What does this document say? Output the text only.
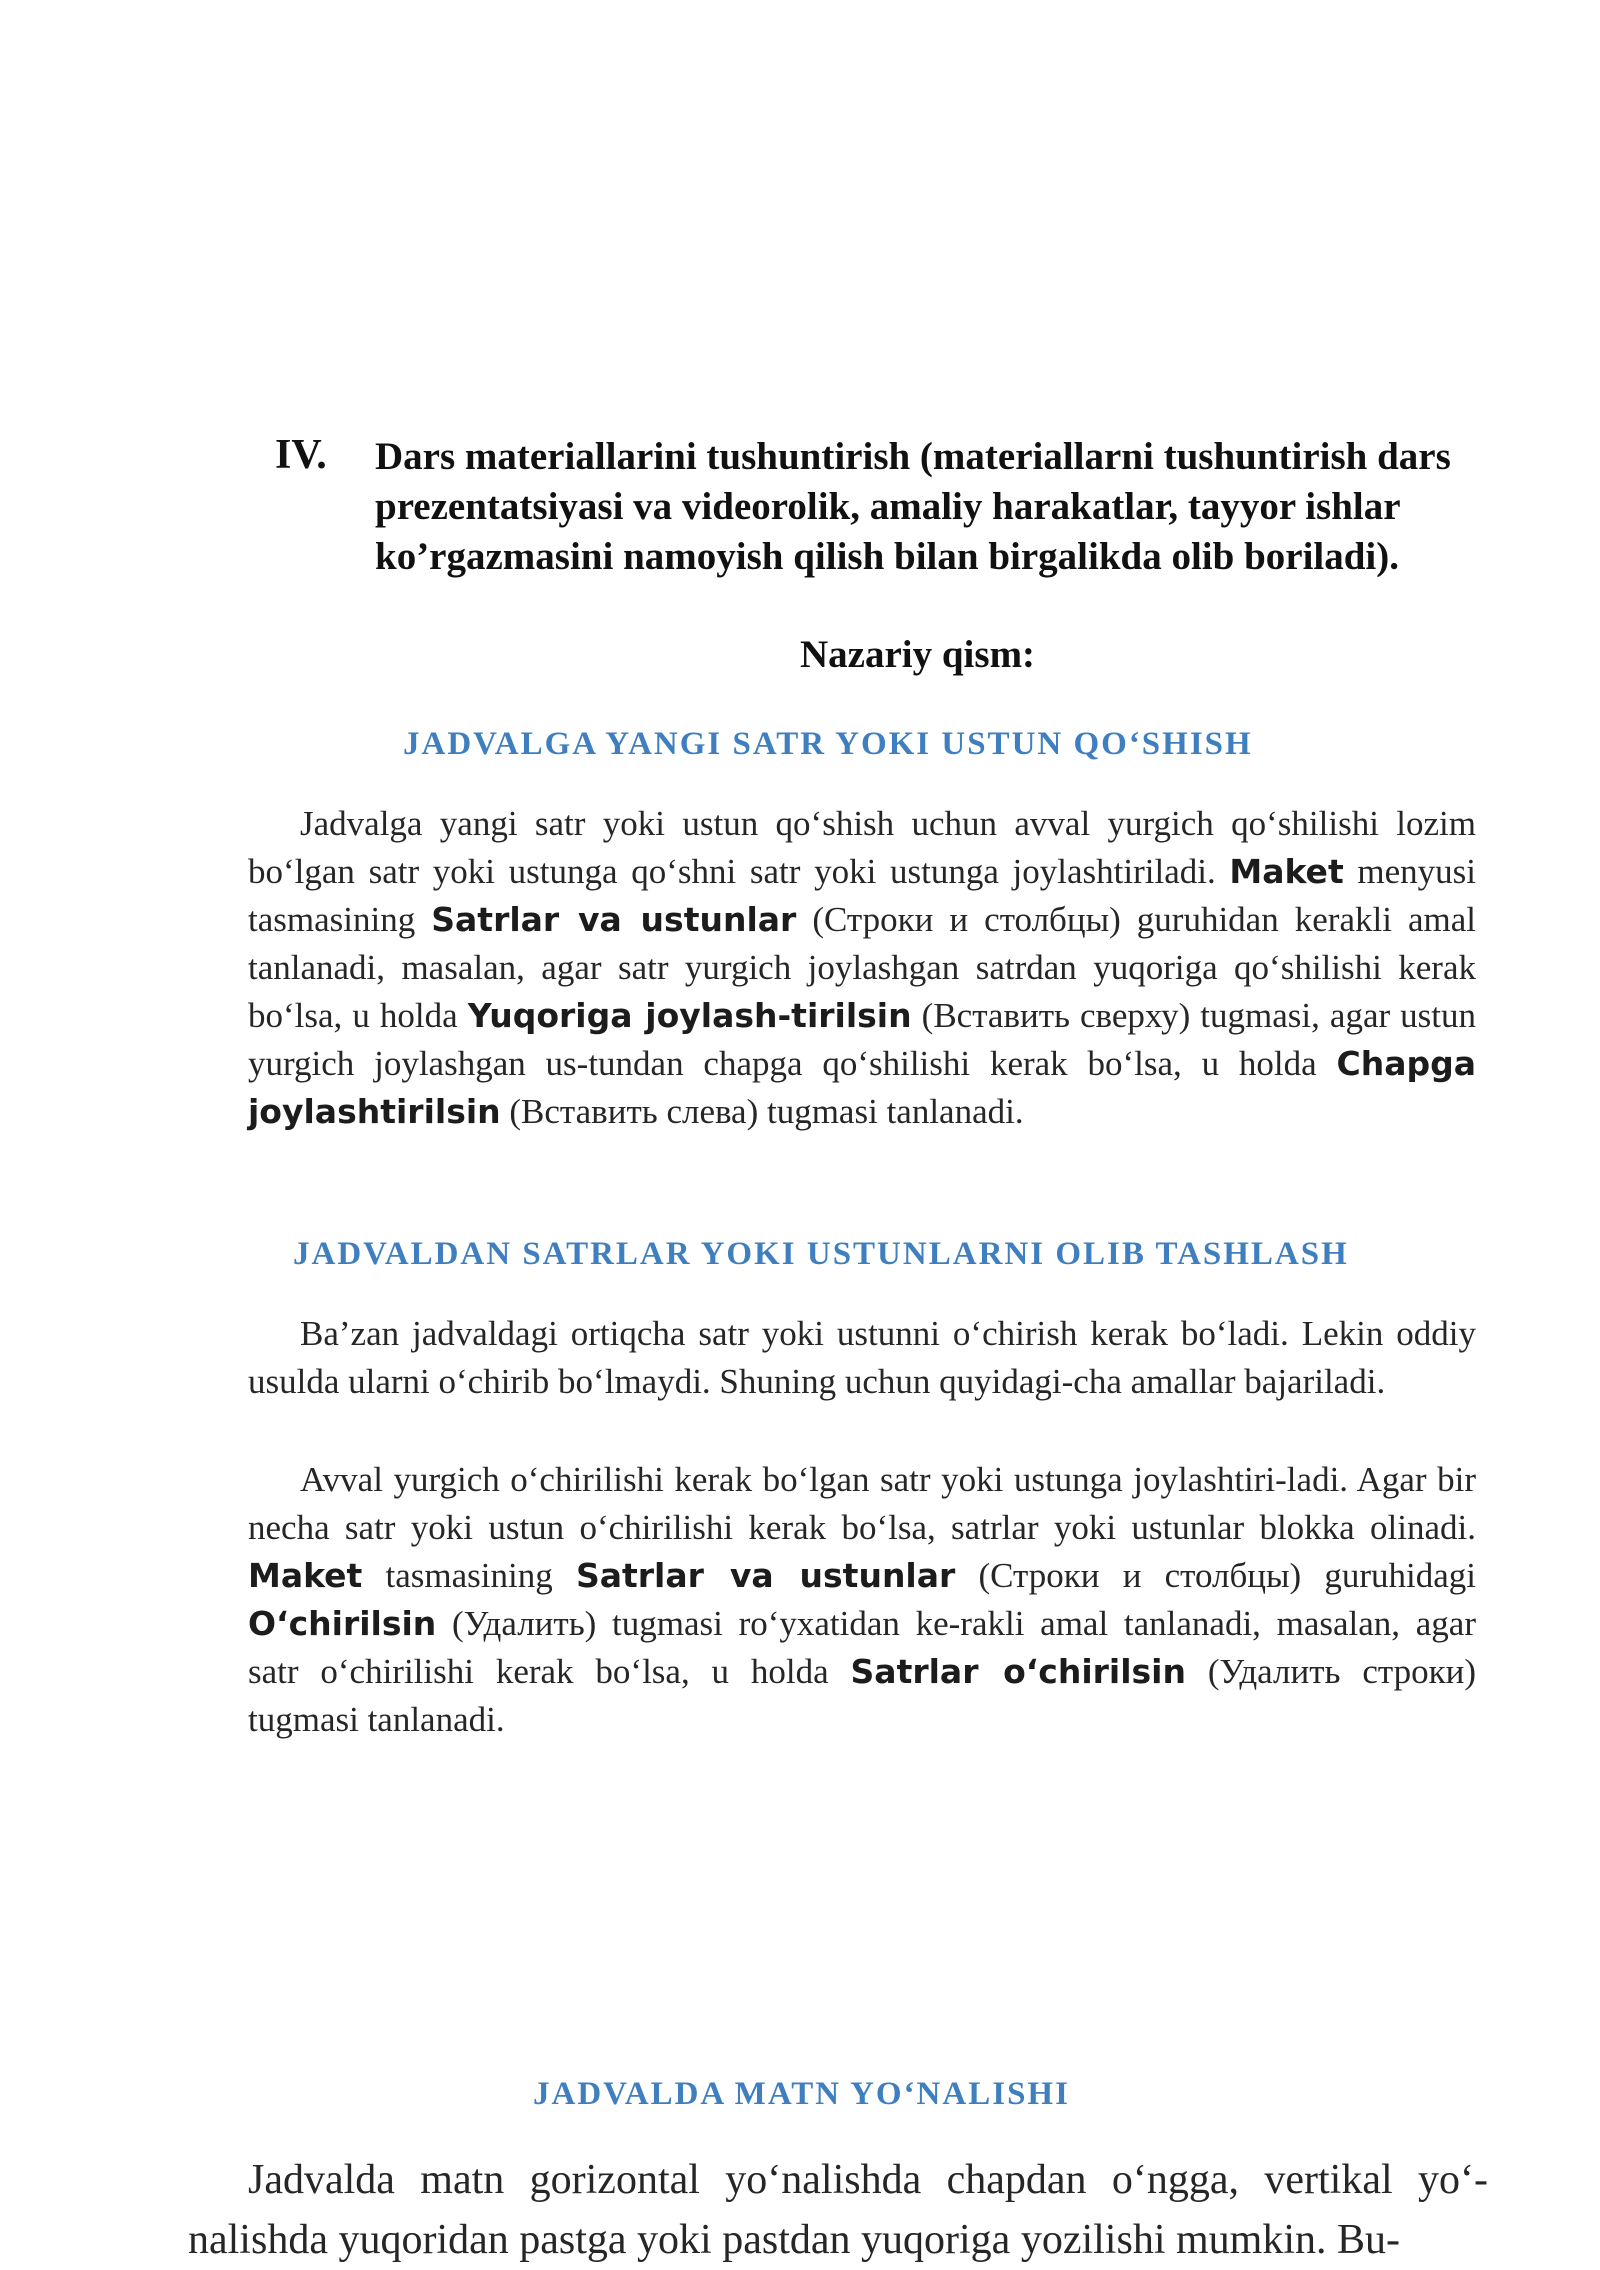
IV. Dars materiallarini tushuntirish (materiallarni tushuntirish dars prezentatsiyasi va videorolik, amaliy harakatlar, tayyor ishlar ko’rgazmasini namoyish qilish bilan birgalikda olib boriladi).
Nazariy qism:
JADVALGA YANGI SATR YOKI USTUN QO‘SHISH
Jadvalga yangi satr yoki ustun qo‘shish uchun avval yurgich qo‘shilishi lozim bo‘lgan satr yoki ustunga qo‘shni satr yoki ustunga joylashtiriladi. Maket menyusi tasmasining Satrlar va ustunlar (Строки и столбцы) guruhidan kerakli amal tanlanadi, masalan, agar satr yurgich joylashgan satrdan yuqoriga qo‘shilishi kerak bo‘lsa, u holda Yuqoriga joylash-tirilsin (Вставить сверху) tugmasi, agar ustun yurgich joylashgan us-tundan chapga qo‘shilishi kerak bo‘lsa, u holda Chapga joylashtirilsin (Вставить слева) tugmasi tanlanadi.
JADVALDAN SATRLAR YOKI USTUNLARNI OLIB TASHLASH
Ba’zan jadvaldagi ortiqcha satr yoki ustunni o‘chirish kerak bo‘ladi. Lekin oddiy usulda ularni o‘chirib bo‘lmaydi. Shuning uchun quyidagi-cha amallar bajariladi.
Avval yurgich o‘chirilishi kerak bo‘lgan satr yoki ustunga joylashtiri-ladi. Agar bir necha satr yoki ustun o‘chirilishi kerak bo‘lsa, satrlar yoki ustunlar blokka olinadi. Maket tasmasining Satrlar va ustunlar (Строки и столбцы) guruhidagi O‘chirilsin (Удалить) tugmasi ro‘yxatidan ke-rakli amal tanlanadi, masalan, agar satr o‘chirilishi kerak bo‘lsa, u holda Satrlar o‘chirilsin (Удалить строки) tugmasi tanlanadi.
JADVALDA MATN YO‘NALISHI
Jadvalda matn gorizontal yo‘nalishda chapdan o‘ngga, vertikal yo‘-nalishda yuqoridan pastga yoki pastdan yuqoriga yozilishi mumkin. Bu-
